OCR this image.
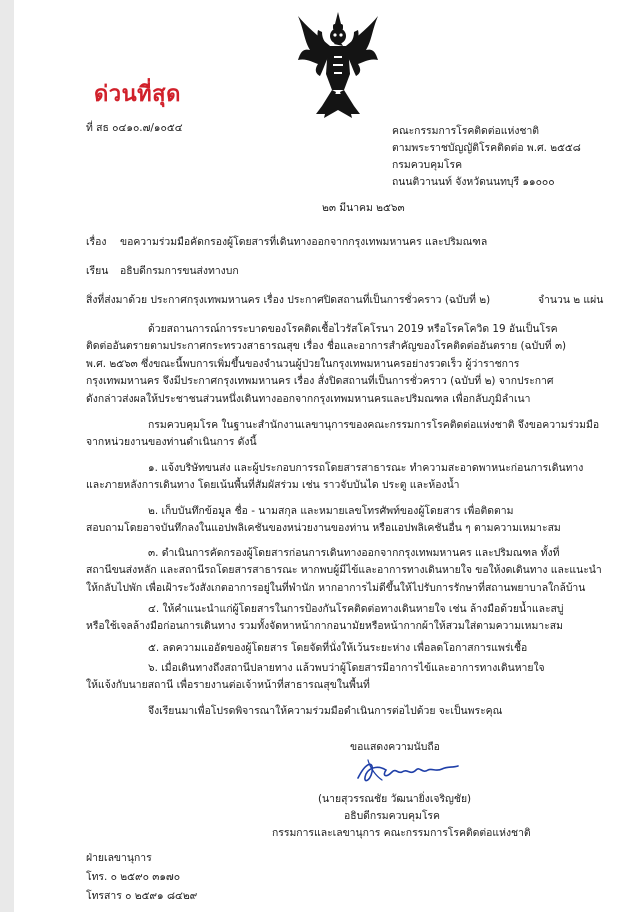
ด่วนที่สุด
ที่ สธ ๐๔๑๐.๗/๑๐๕๔	คณะกรรมการโรคติดต่อแห่งชาติ
ตามพระราชบัญญัติโรคติดต่อ พ.ศ. ๒๕๕๘
กรมควบคุมโรค
ถนนติวานนท์ จังหวัดนนทบุรี ๑๑๐๐๐
๒๓ มีนาคม ๒๕๖๓
เรื่อง ขอความร่วมมือคัดกรองผู้โดยสารที่เดินทางออกจากกรุงเทพมหานคร และปริมณฑล
เรียน อธิบดีกรมการขนส่งทางบก
สิ่งที่ส่งมาด้วย ประกาศกรุงเทพมหานคร เรื่อง ประกาศปิดสถานที่เป็นการชั่วคราว (ฉบับที่ ๒)	จำนวน ๒ แผ่น

ด้วยสถานการณ์การระบาดของโรคติดเชื้อไวรัสโคโรนา 2019 หรือโรคโควิด 19 อันเป็นโรค

ติดต่ออันตรายตามประกาศกระทรวงสาธารณสุข เรื่อง ชื่อและอาการสำคัญของโรคติดต่ออันตราย (ฉบับที่ ๓)

พ.ศ. ๒๕๖๓ ซึ่งขณะนี้พบการเพิ่มขึ้นของจำนวนผู้ป่วยในกรุงเทพมหานครอย่างรวดเร็ว ผู้ว่าราชการ

กรุงเทพมหานคร จึงมีประกาศกรุงเทพมหานคร เรื่อง สั่งปิดสถานที่เป็นการชั่วคราว (ฉบับที่ ๒) จากประกาศ

ดังกล่าวส่งผลให้ประชาชนส่วนหนึ่งเดินทางออกจากกรุงเทพมหานครและปริมณฑล เพื่อกลับภูมิลำเนา

กรมควบคุมโรค ในฐานะสำนักงานเลขานุการของคณะกรรมการโรคติดต่อแห่งชาติ จึงขอความร่วมมือ

จากหน่วยงานของท่านดำเนินการ ดังนี้

๑. แจ้งบริษัทขนส่ง และผู้ประกอบการรถโดยสารสาธารณะ ทำความสะอาดพาหนะก่อนการเดินทาง

และภายหลังการเดินทาง โดยเน้นพื้นที่สัมผัสร่วม เช่น ราวจับบันได ประตู และห้องน้ำ

๒. เก็บบันทึกข้อมูล ชื่อ - นามสกุล และหมายเลขโทรศัพท์ของผู้โดยสาร เพื่อติดตาม

สอบถามโดยอาจบันทึกลงในแอปพลิเคชันของหน่วยงานของท่าน หรือแอปพลิเคชันอื่น ๆ ตามความเหมาะสม

๓. ดำเนินการคัดกรองผู้โดยสารก่อนการเดินทางออกจากกรุงเทพมหานคร และปริมณฑล ทั้งที่

สถานีขนส่งหลัก และสถานีรถโดยสารสาธารณะ หากพบผู้มีไข้และอาการทางเดินหายใจ ขอให้งดเดินทาง และแนะนำ

ให้กลับไปพัก เพื่อเฝ้าระวังสังเกตอาการอยู่ในที่พำนัก หากอาการไม่ดีขึ้นให้ไปรับการรักษาที่สถานพยาบาลใกล้บ้าน

๔. ให้คำแนะนำแก่ผู้โดยสารในการป้องกันโรคติดต่อทางเดินหายใจ เช่น ล้างมือด้วยน้ำและสบู่

หรือใช้เจลล้างมือก่อนการเดินทาง รวมทั้งจัดหาหน้ากากอนามัยหรือหน้ากากผ้าให้สวมใส่ตามความเหมาะสม

๕. ลดความแออัดของผู้โดยสาร โดยจัดที่นั่งให้เว้นระยะห่าง เพื่อลดโอกาสการแพร่เชื้อ

๖. เมื่อเดินทางถึงสถานีปลายทาง แล้วพบว่าผู้โดยสารมีอาการไข้และอาการทางเดินหายใจ

ให้แจ้งกับนายสถานี เพื่อรายงานต่อเจ้าหน้าที่สาธารณสุขในพื้นที่

จึงเรียนมาเพื่อโปรดพิจารณาให้ความร่วมมือดำเนินการต่อไปด้วย จะเป็นพระคุณ
ขอแสดงความนับถือ
(นายสุวรรณชัย วัฒนายิ่งเจริญชัย)
อธิบดีกรมควบคุมโรค
กรรมการและเลขานุการ คณะกรรมการโรคติดต่อแห่งชาติ
ฝ่ายเลขานุการ
โทร. ๐ ๒๕๙๐ ๓๑๗๐
โทรสาร ๐ ๒๕๙๑ ๘๔๒๙
